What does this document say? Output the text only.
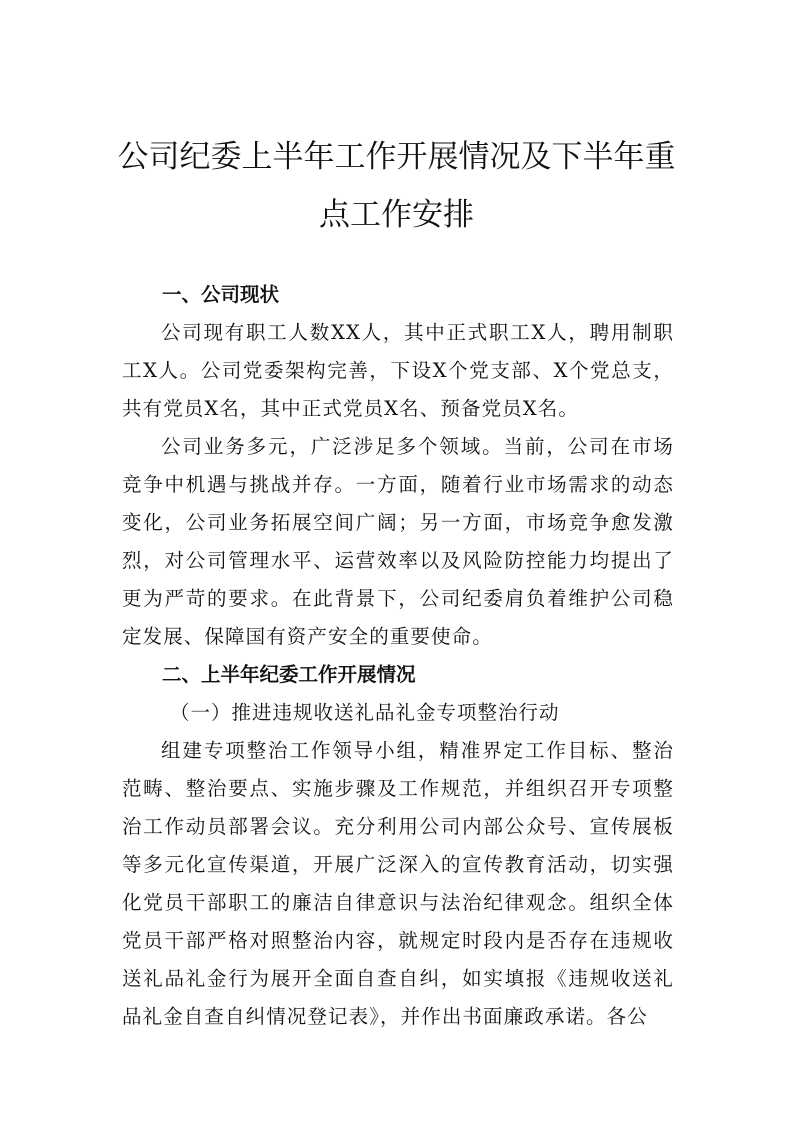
公司纪委上半年工作开展情况及下半年重
点工作安排

一、公司现状

公司现有职工人数XX人，其中正式职工X人，聘用制职工X人。公司党委架构完善，下设X个党支部、X个党总支，共有党员X名，其中正式党员X名、预备党员X名。

公司业务多元，广泛涉足多个领域。当前，公司在市场竞争中机遇与挑战并存。一方面，随着行业市场需求的动态变化，公司业务拓展空间广阔；另一方面，市场竞争愈发激烈，对公司管理水平、运营效率以及风险防控能力均提出了更为严苛的要求。在此背景下，公司纪委肩负着维护公司稳定发展、保障国有资产安全的重要使命。

二、上半年纪委工作开展情况

（一）推进违规收送礼品礼金专项整治行动

组建专项整治工作领导小组，精准界定工作目标、整治范畴、整治要点、实施步骤及工作规范，并组织召开专项整治工作动员部署会议。充分利用公司内部公众号、宣传展板等多元化宣传渠道，开展广泛深入的宣传教育活动，切实强化党员干部职工的廉洁自律意识与法治纪律观念。组织全体党员干部严格对照整治内容，就规定时段内是否存在违规收送礼品礼金行为展开全面自查自纠，如实填报《违规收送礼品礼金自查自纠情况登记表》，并作出书面廉政承诺。各公
